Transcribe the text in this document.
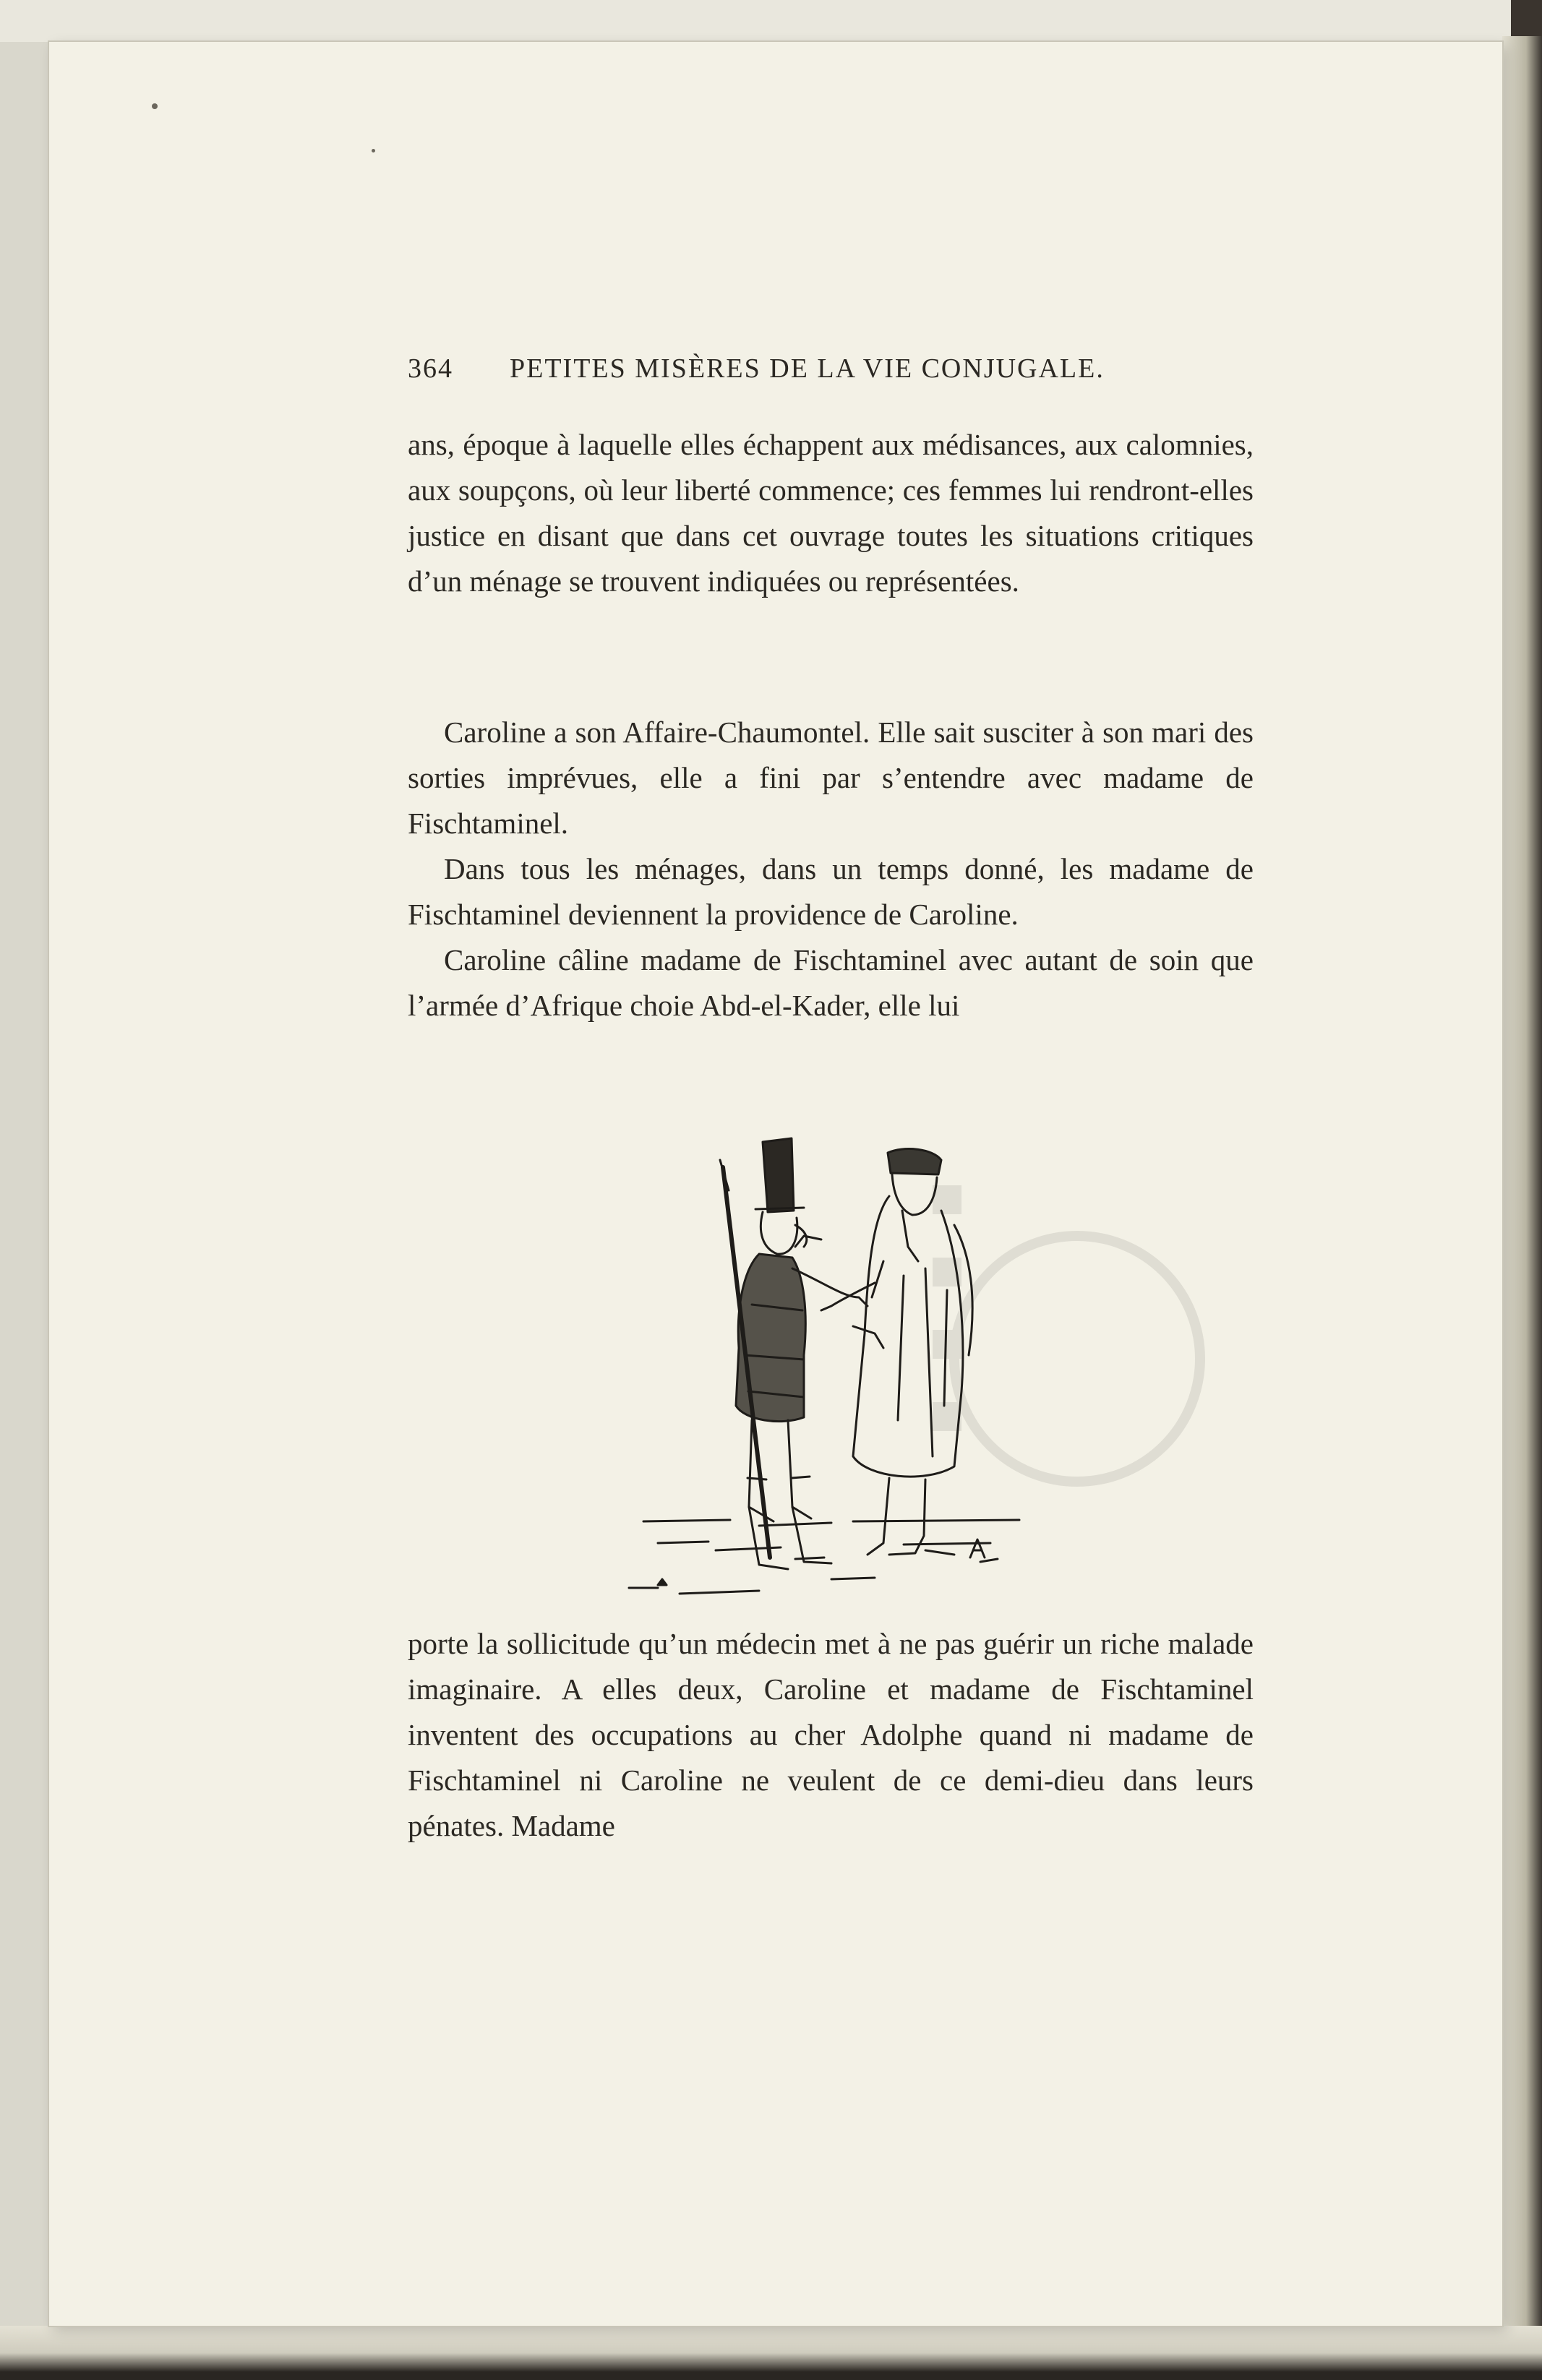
364 PETITES MISÈRES DE LA VIE CONJUGALE.

ans, époque à laquelle elles échappent aux médisances, aux calomnies, aux soupçons, où leur liberté commence; ces femmes lui rendront-elles justice en disant que dans cet ouvrage toutes les situations critiques d’un ménage se trouvent indiquées ou représentées.

Caroline a son Affaire-Chaumontel. Elle sait susciter à son mari des sorties imprévues, elle a fini par s’entendre avec madame de Fischtaminel.

Dans tous les ménages, dans un temps donné, les madame de Fischtaminel deviennent la providence de Caroline.

Caroline câline madame de Fischtaminel avec autant de soin que l’armée d’Afrique choie Abd-el-Kader, elle lui

porte la sollicitude qu’un médecin met à ne pas guérir un riche malade imaginaire. A elles deux, Caroline et madame de Fischtaminel inventent des occupations au cher Adolphe quand ni madame de Fischtaminel ni Caroline ne veulent de ce demi-dieu dans leurs pénates. Madame
